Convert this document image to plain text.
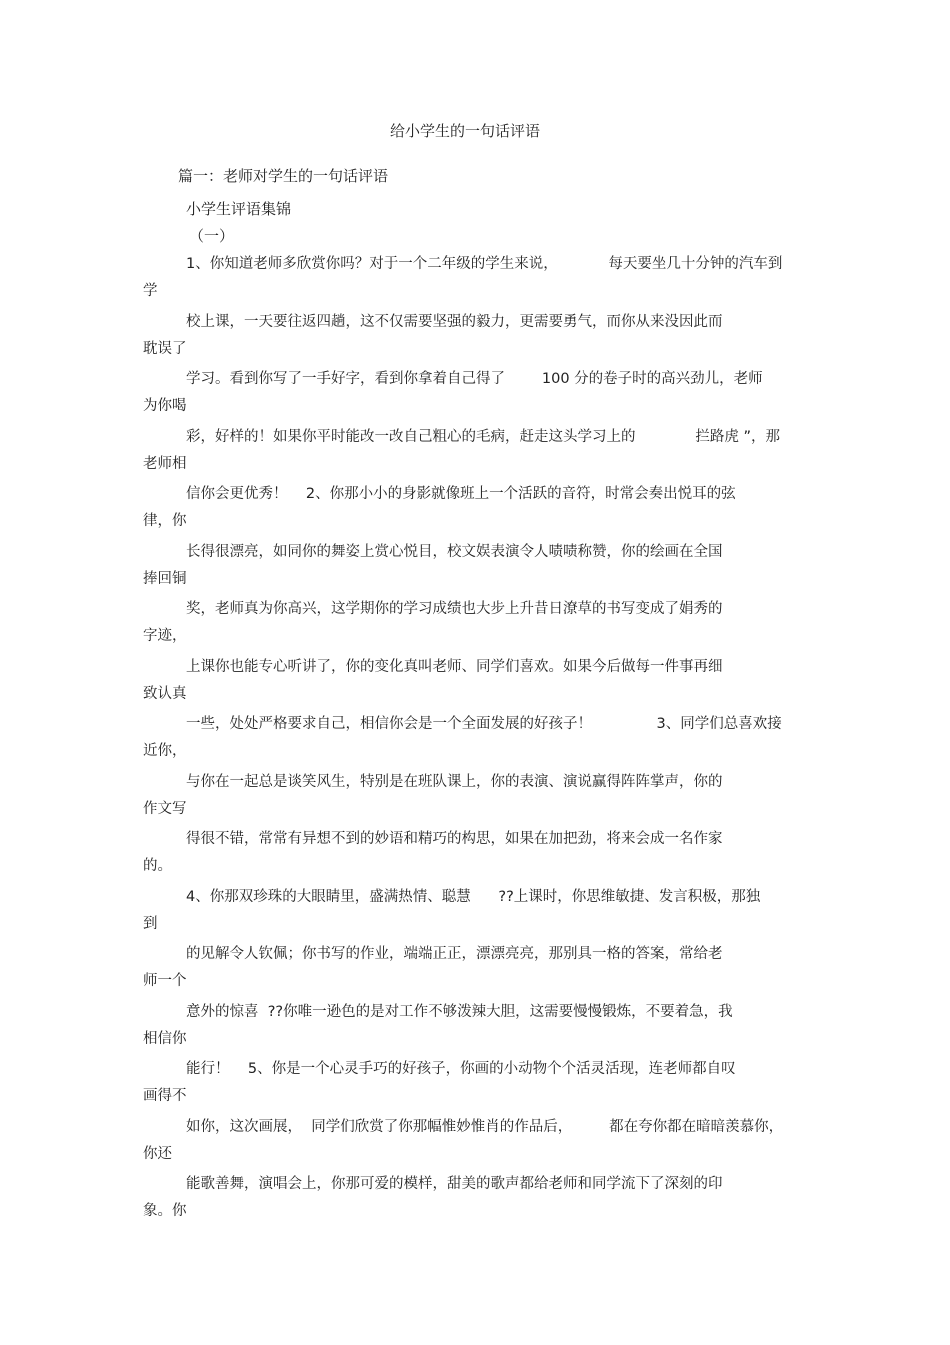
给小学生的一句话评语
篇一：老师对学生的一句话评语
小学生评语集锦
（一）
1、你知道老师多欣赏你吗？对于一个二年级的学生来说，           每天要坐几十分钟的汽车到
学
校上课，一天要往返四趟，这不仅需要坚强的毅力，更需要勇气，而你从来没因此而
耽误了
学习。看到你写了一手好字，看到你拿着自己得了        100 分的卷子时的高兴劲儿，老师
为你喝
彩，好样的！如果你平时能改一改自己粗心的毛病，赶走这头学习上的             拦路虎 ”，那
老师相
信你会更优秀！    2、你那小小的身影就像班上一个活跃的音符，时常会奏出悦耳的弦
律，你
长得很漂亮，如同你的舞姿上赏心悦目，校文娱表演令人啧啧称赞，你的绘画在全国
捧回铜
奖，老师真为你高兴，这学期你的学习成绩也大步上升昔日潦草的书写变成了娟秀的
字迹，
上课你也能专心听讲了，你的变化真叫老师、同学们喜欢。如果今后做每一件事再细
致认真
一些，处处严格要求自己，相信你会是一个全面发展的好孩子！              3、同学们总喜欢接
近你，
与你在一起总是谈笑风生，特别是在班队课上，你的表演、演说赢得阵阵掌声，你的
作文写
得很不错，常常有异想不到的妙语和精巧的构思，如果在加把劲，将来会成一名作家
的。
4、你那双珍珠的大眼睛里，盛满热情、聪慧      ??上课时，你思维敏捷、发言积极，那独
到
的见解令人钦佩；你书写的作业，端端正正，漂漂亮亮，那别具一格的答案，常给老
师一个
意外的惊喜  ??你唯一逊色的是对工作不够泼辣大胆，这需要慢慢锻炼，不要着急，我
相信你
能行！    5、你是一个心灵手巧的好孩子，你画的小动物个个活灵活现，连老师都自叹
画得不
如你，这次画展，  同学们欣赏了你那幅惟妙惟肖的作品后，        都在夸你都在暗暗羡慕你，
你还
能歌善舞，演唱会上，你那可爱的模样，甜美的歌声都给老师和同学流下了深刻的印
象。你
